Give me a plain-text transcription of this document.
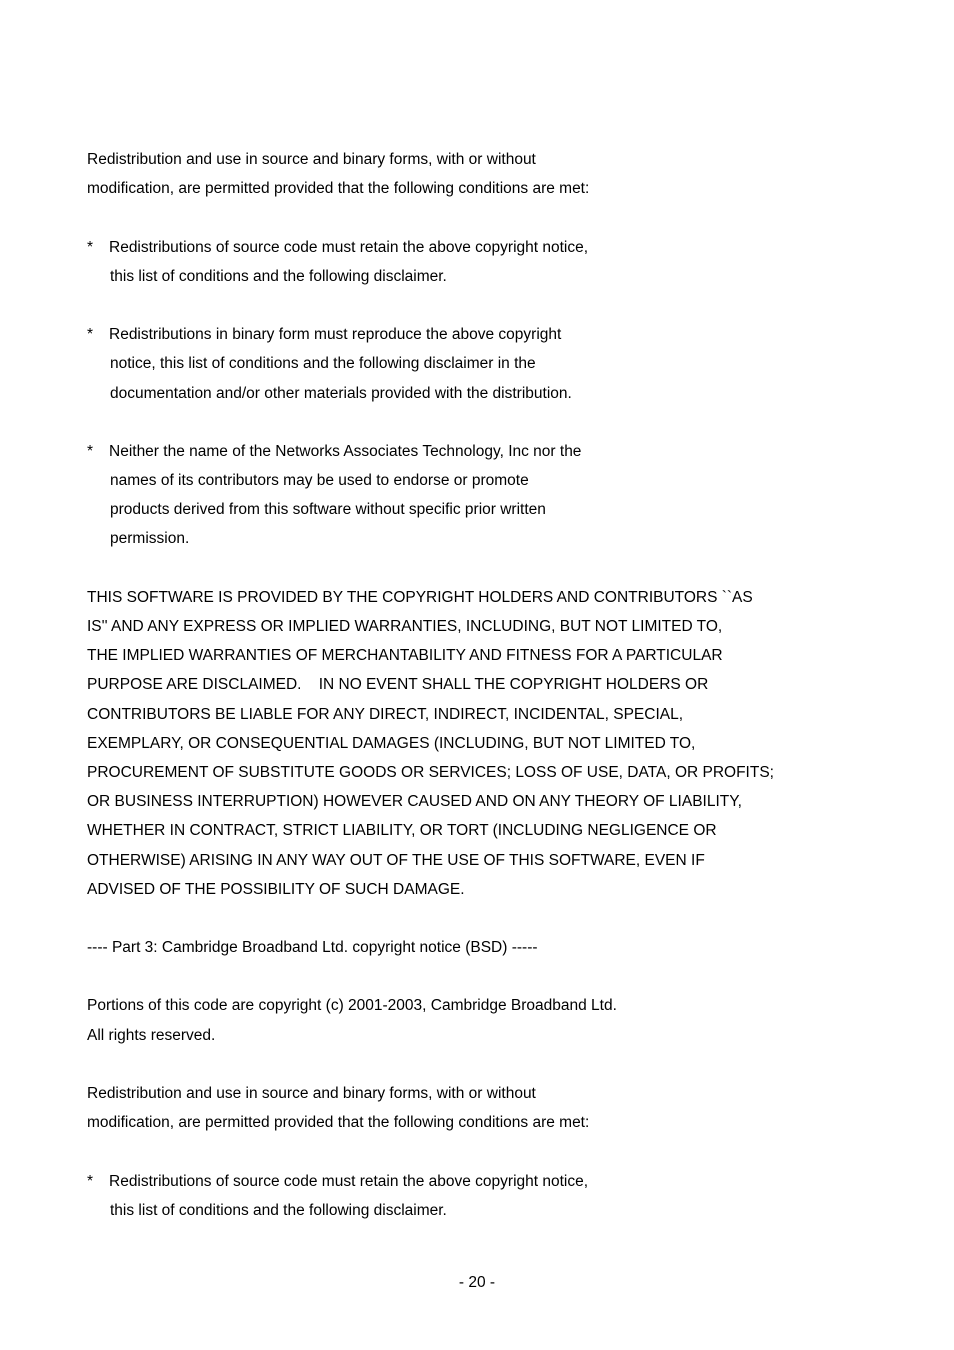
Redistribution and use in source and binary forms, with or without
modification, are permitted provided that the following conditions are met:
* Redistributions of source code must retain the above copyright notice,
this list of conditions and the following disclaimer.
* Redistributions in binary form must reproduce the above copyright
notice, this list of conditions and the following disclaimer in the
documentation and/or other materials provided with the distribution.
* Neither the name of the Networks Associates Technology, Inc nor the
names of its contributors may be used to endorse or promote
products derived from this software without specific prior written
permission.
THIS SOFTWARE IS PROVIDED BY THE COPYRIGHT HOLDERS AND CONTRIBUTORS ``AS
IS'' AND ANY EXPRESS OR IMPLIED WARRANTIES, INCLUDING, BUT NOT LIMITED TO,
THE IMPLIED WARRANTIES OF MERCHANTABILITY AND FITNESS FOR A PARTICULAR
PURPOSE ARE DISCLAIMED.    IN NO EVENT SHALL THE COPYRIGHT HOLDERS OR
CONTRIBUTORS BE LIABLE FOR ANY DIRECT, INDIRECT, INCIDENTAL, SPECIAL,
EXEMPLARY, OR CONSEQUENTIAL DAMAGES (INCLUDING, BUT NOT LIMITED TO,
PROCUREMENT OF SUBSTITUTE GOODS OR SERVICES; LOSS OF USE, DATA, OR PROFITS;
OR BUSINESS INTERRUPTION) HOWEVER CAUSED AND ON ANY THEORY OF LIABILITY,
WHETHER IN CONTRACT, STRICT LIABILITY, OR TORT (INCLUDING NEGLIGENCE OR
OTHERWISE) ARISING IN ANY WAY OUT OF THE USE OF THIS SOFTWARE, EVEN IF
ADVISED OF THE POSSIBILITY OF SUCH DAMAGE.
---- Part 3: Cambridge Broadband Ltd. copyright notice (BSD) -----
Portions of this code are copyright (c) 2001-2003, Cambridge Broadband Ltd.
All rights reserved.
Redistribution and use in source and binary forms, with or without
modification, are permitted provided that the following conditions are met:
* Redistributions of source code must retain the above copyright notice,
this list of conditions and the following disclaimer.
- 20 -
